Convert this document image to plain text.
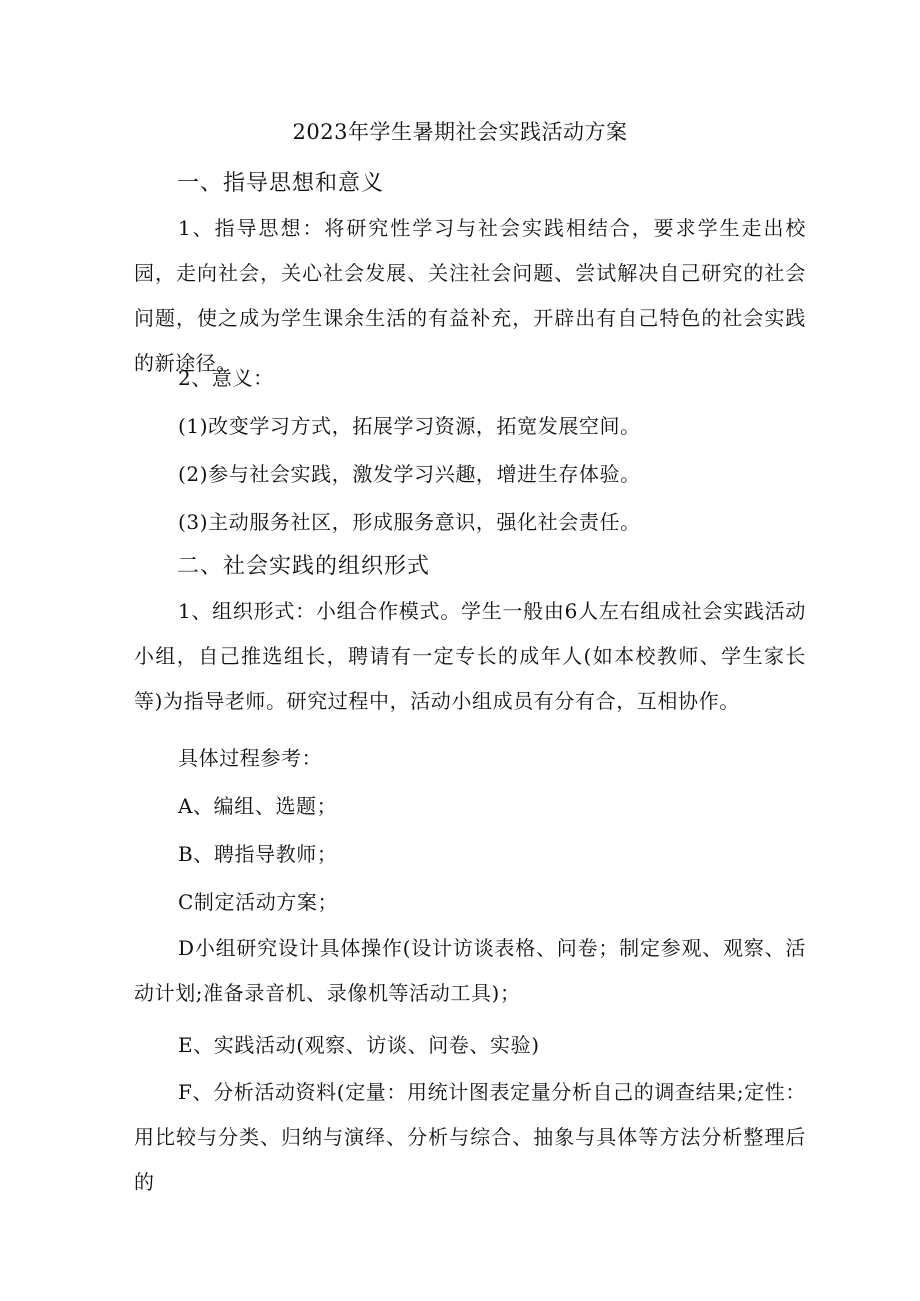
2023年学生暑期社会实践活动方案
一、指导思想和意义
1、指导思想：将研究性学习与社会实践相结合，要求学生走出校园，走向社会，关心社会发展、关注社会问题、尝试解决自己研究的社会问题，使之成为学生课余生活的有益补充，开辟出有自己特色的社会实践的新途径。
2、意义：
(1)改变学习方式，拓展学习资源，拓宽发展空间。
(2)参与社会实践，激发学习兴趣，增进生存体验。
(3)主动服务社区，形成服务意识，强化社会责任。
二、社会实践的组织形式
1、组织形式：小组合作模式。学生一般由6人左右组成社会实践活动小组，自己推选组长，聘请有一定专长的成年人(如本校教师、学生家长等)为指导老师。研究过程中，活动小组成员有分有合，互相协作。
具体过程参考：
A、编组、选题；
B、聘指导教师；
C制定活动方案；
D小组研究设计具体操作(设计访谈表格、问卷；制定参观、观察、活动计划;准备录音机、录像机等活动工具)；
E、实践活动(观察、访谈、问卷、实验)
F、分析活动资料(定量：用统计图表定量分析自己的调查结果;定性：用比较与分类、归纳与演绎、分析与综合、抽象与具体等方法分析整理后的
